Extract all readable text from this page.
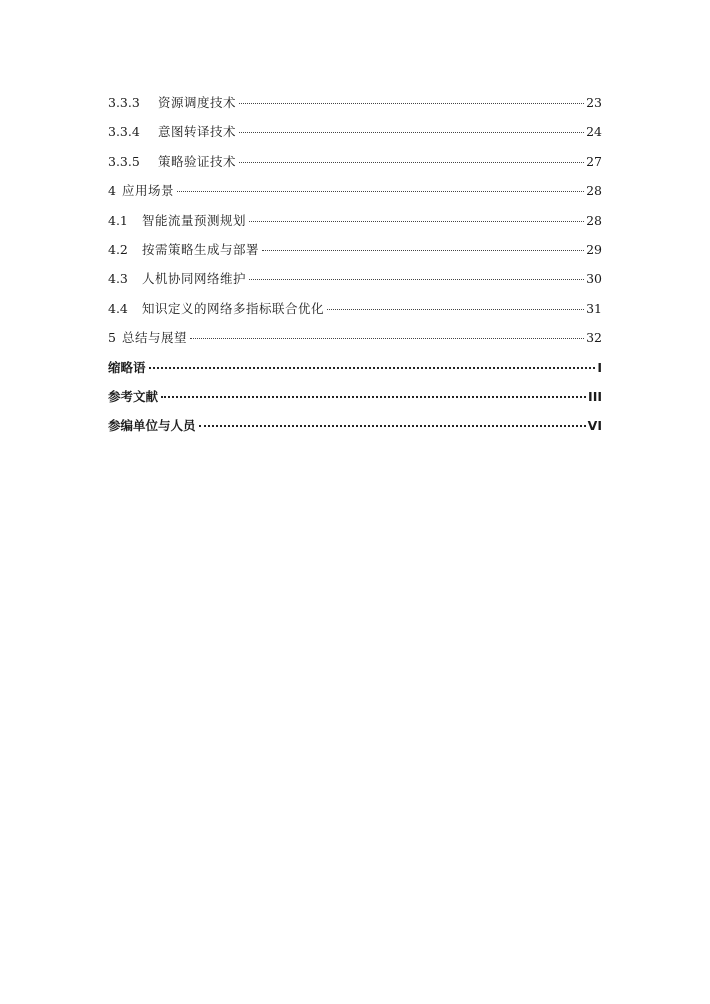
3.3.3	资源调度技术	23
3.3.4	意图转译技术	24
3.3.5	策略验证技术	27
4 应用场景	28
4.1	智能流量预测规划	28
4.2	按需策略生成与部署	29
4.3	人机协同网络维护	30
4.4	知识定义的网络多指标联合优化	31
5 总结与展望	32
缩略语	I
参考文献	III
参编单位与人员	VI
